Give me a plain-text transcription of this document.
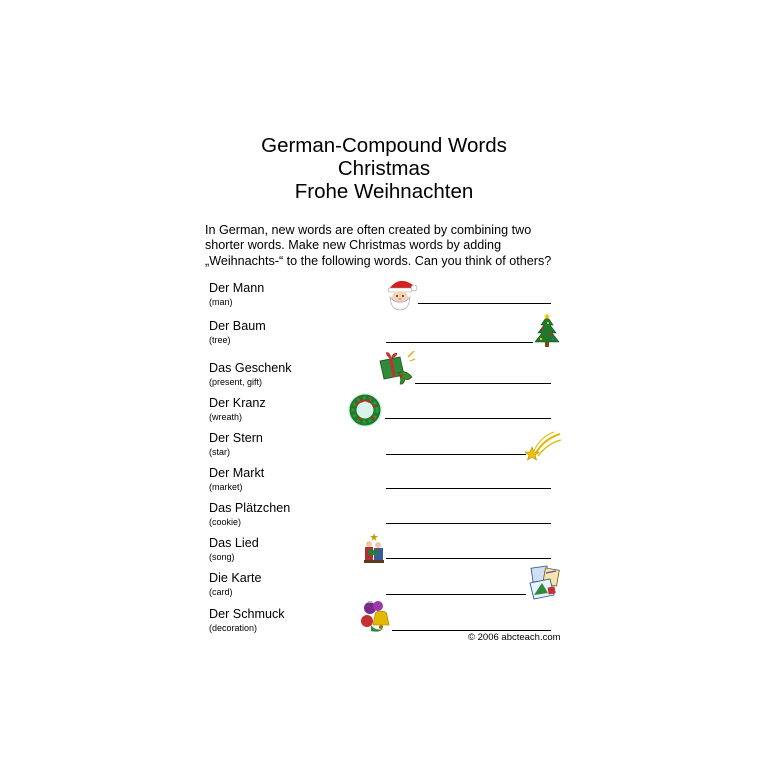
German-Compound Words
Christmas
Frohe Weihnachten
In German, new words are often created by combining two
shorter words. Make new Christmas words by adding
„Weihnachts-“ to the following words. Can you think of others?
Der Mann
(man)
Der Baum
(tree)
Das Geschenk
(present, gift)
Der Kranz
(wreath)
Der Stern
(star)
Der Markt
(market)
Das Plätzchen
(cookie)
Das Lied
(song)
Die Karte
(card)
Der Schmuck
(decoration)
© 2006 abcteach.com
